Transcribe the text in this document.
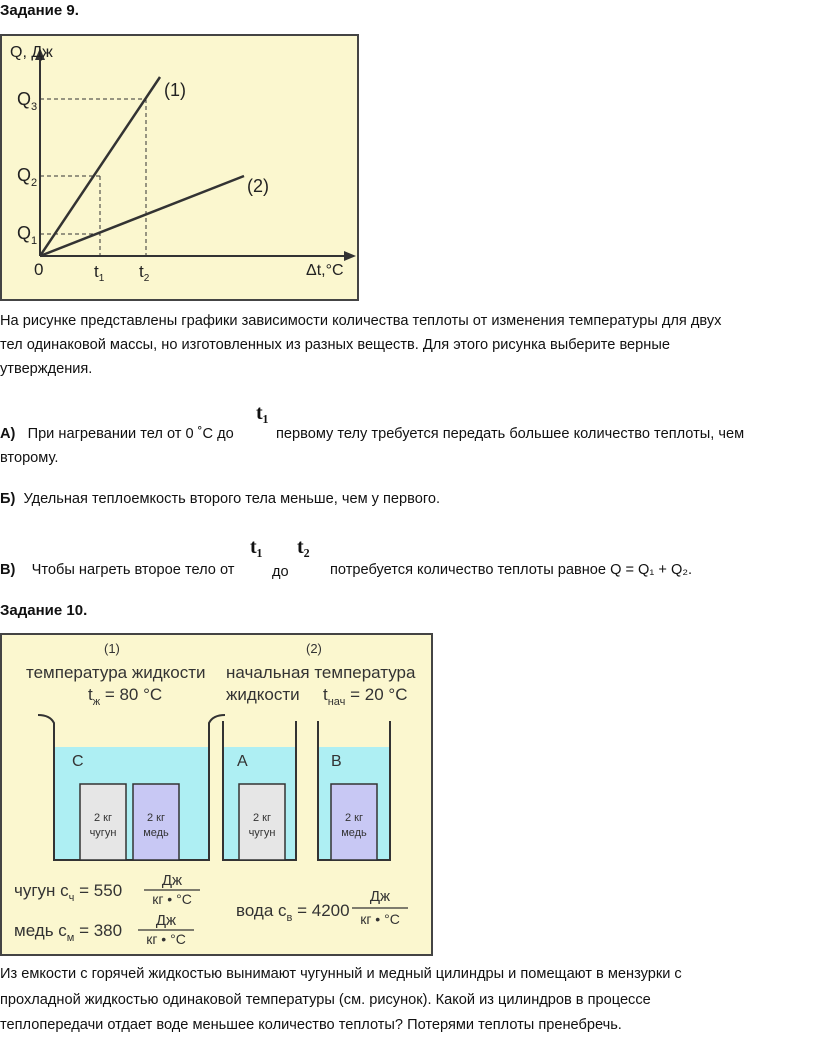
Задание 9.
Q, Дж
Δt,°С
0
$Q_3$
$Q_2$
$Q_1$
$t_1$ $t_2$
(1)
(2)
На рисунке представлены графики зависимости количества теплоты от изменения температуры для двух
тел одинаковой массы, но изготовленных из разных веществ. Для этого рисунка выберите верные
утверждения.
А) При нагревании тел от 0 ˚С до
t₁
первому телу требуется передать большее количество теплоты, чем
второму.
Б) Удельная теплоемкость второго тела меньше, чем у первого.
В) Чтобы нагреть второе тело от
t₁
до
t₂
потребуется количество теплоты равное Q = Q₁ + Q₂.
Задание 10.
(1)
температура жидкости
$t_ж = 80$ °С
(2)
начальная температура
жидкости $t_{нач} = 20$ °С
С
2 кг
чугун
2 кг
медь
А
2 кг
чугун
В
2 кг
медь
чугун $с_ч = 550$
Дж
кг • °С
медь $с_м = 380$
Дж
кг • °С
вода $с_в = 4200$
Дж
кг • °С
Из емкости с горячей жидкостью вынимают чугунный и медный цилиндры и помещают в мензурки с
прохладной жидкостью одинаковой температуры (см. рисунок). Какой из цилиндров в процессе
теплопередачи отдает воде меньшее количество теплоты? Потерями теплоты пренебречь.
